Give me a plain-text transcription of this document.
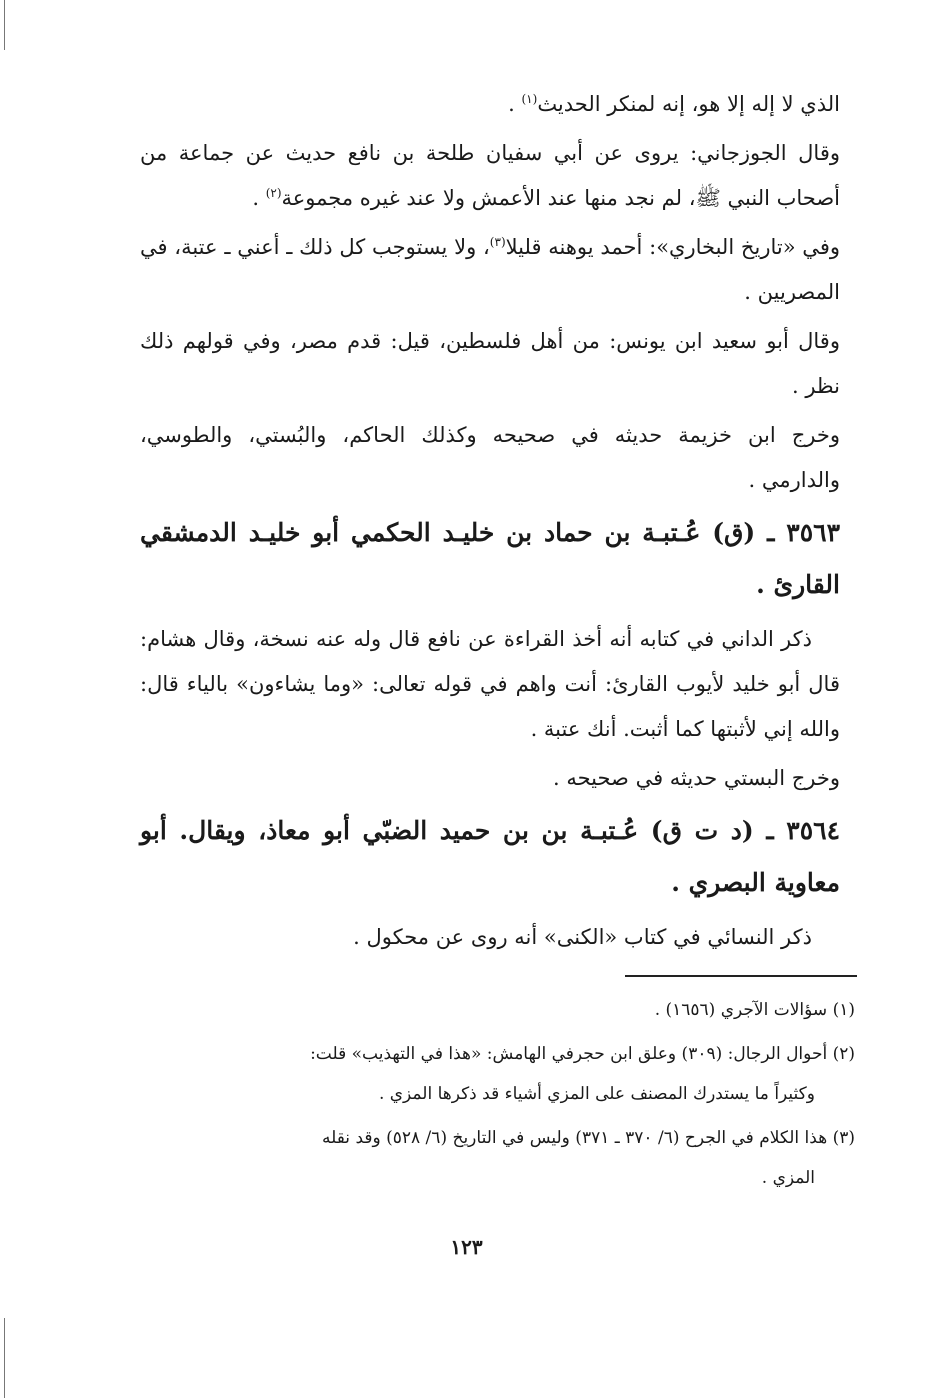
الذي لا إله إلا هو، إنه لمنكر الحديث$^{(١)}$ .

وقال الجوزجاني: يروى عن أبي سفيان طلحة بن نافع حديث عن جماعة من أصحاب النبي ﷺ، لم نجد منها عند الأعمش ولا عند غيره مجموعة$^{(٢)}$ .

وفي «تاريخ البخاري»: أحمد يوهنه قليلا$^{(٣)}$، ولا يستوجب كل ذلك ـ أعني ـ عتبة، في المصريين .

وقال أبو سعيد ابن يونس: من أهل فلسطين، قيل: قدم مصر، وفي قولهم ذلك نظر .

وخرج ابن خزيمة حديثه في صحيحه وكذلك الحاكم، والبُستي، والطوسي، والدارمي .

٣٥٦٣ ـ (ق) عُـتبـة بن حماد بن خليـد الحكمي أبو خليـد الدمشقي القارئ .

ذكر الداني في كتابه أنه أخذ القراءة عن نافع قال وله عنه نسخة، وقال هشام: قال أبو خليد لأيوب القارئ: أنت واهم في قوله تعالى: «وما يشاءون» بالياء قال: والله إني لأثبتها كما أثبت. أنك عتبة .

وخرج البستي حديثه في صحيحه .

٣٥٦٤ ـ (د ت ق) عُـتبـة بن بن حميد الضبّي أبو معاذ، ويقال. أبو معاوية البصري .

ذكر النسائي في كتاب «الكنى» أنه روى عن محكول .

(١) سؤالات الآجري (١٦٥٦) .

(٢) أحوال الرجال: (٣٠٩) وعلق ابن حجرفي الهامش: «هذا في التهذيب» قلت:
وكثيراً ما يستدرك المصنف على المزي أشياء قد ذكرها المزي .

(٣) هذا الكلام في الجرح (٦/ ٣٧٠ ـ ٣٧١) وليس في التاريخ (٦/ ٥٢٨) وقد نقله
المزي .

١٢٣
